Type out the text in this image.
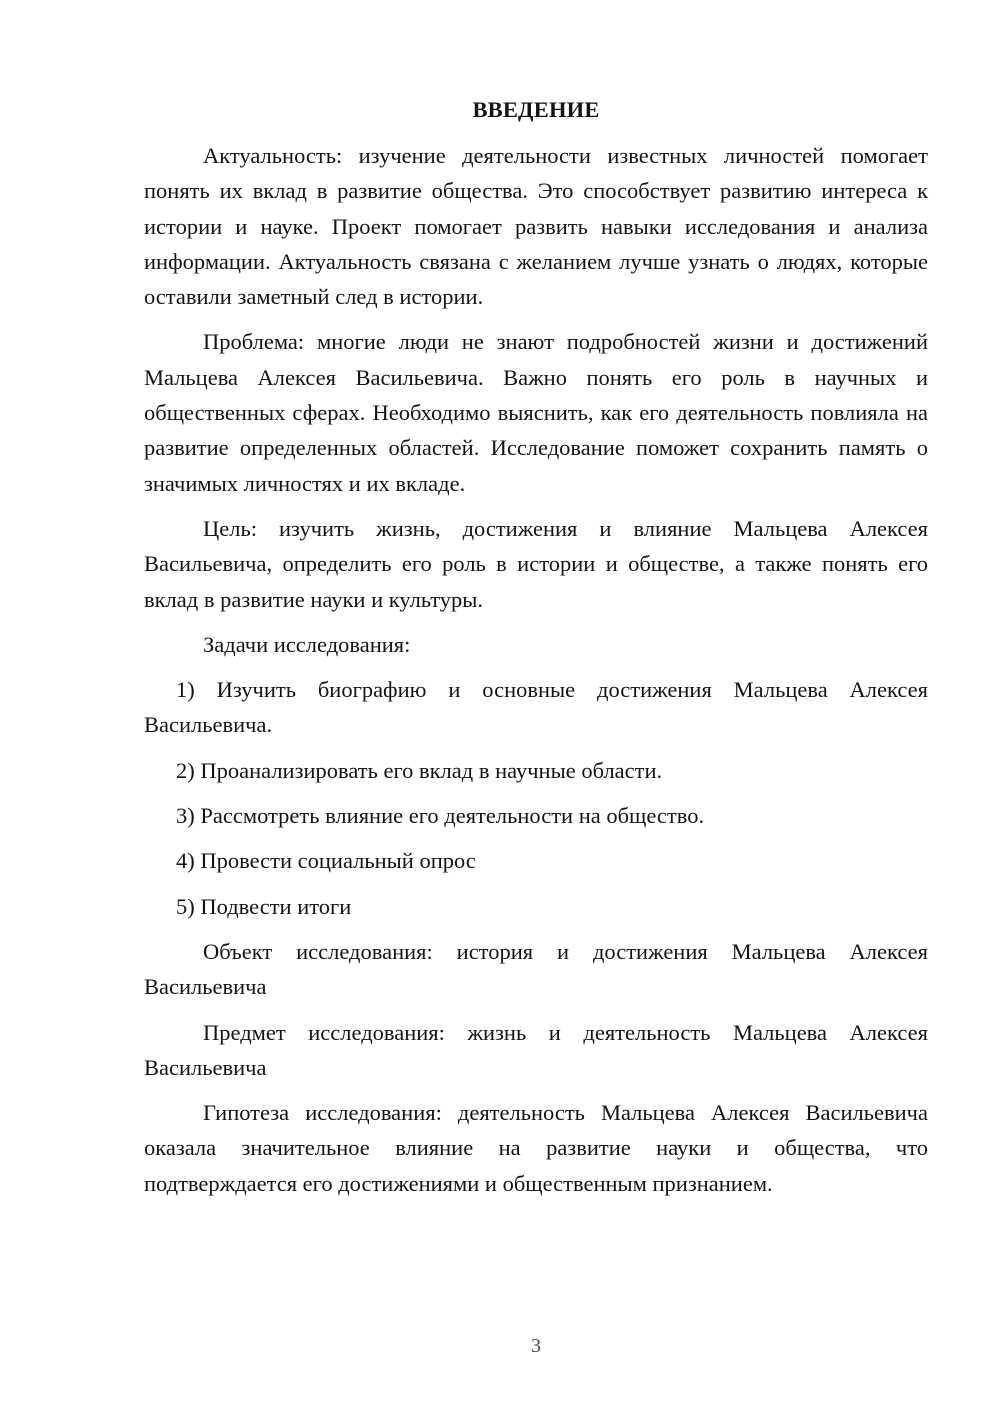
ВВЕДЕНИЕ

Актуальность: изучение деятельности известных личностей помогает понять их вклад в развитие общества. Это способствует развитию интереса к истории и науке. Проект помогает развить навыки исследования и анализа информации. Актуальность связана с желанием лучше узнать о людях, которые оставили заметный след в истории.

Проблема: многие люди не знают подробностей жизни и достижений Мальцева Алексея Васильевича. Важно понять его роль в научных и общественных сферах. Необходимо выяснить, как его деятельность повлияла на развитие определенных областей. Исследование поможет сохранить память о значимых личностях и их вкладе.

Цель: изучить жизнь, достижения и влияние Мальцева Алексея Васильевича, определить его роль в истории и обществе, а также понять его вклад в развитие науки и культуры.

Задачи исследования:

1) Изучить биографию и основные достижения Мальцева Алексея Васильевича.
2) Проанализировать его вклад в научные области.
3) Рассмотреть влияние его деятельности на общество.
4) Провести социальный опрос
5) Подвести итоги

Объект исследования: история и достижения Мальцева Алексея Васильевича

Предмет исследования: жизнь и деятельность Мальцева Алексея Васильевича

Гипотеза исследования: деятельность Мальцева Алексея Васильевича оказала значительное влияние на развитие науки и общества, что подтверждается его достижениями и общественным признанием.

3
